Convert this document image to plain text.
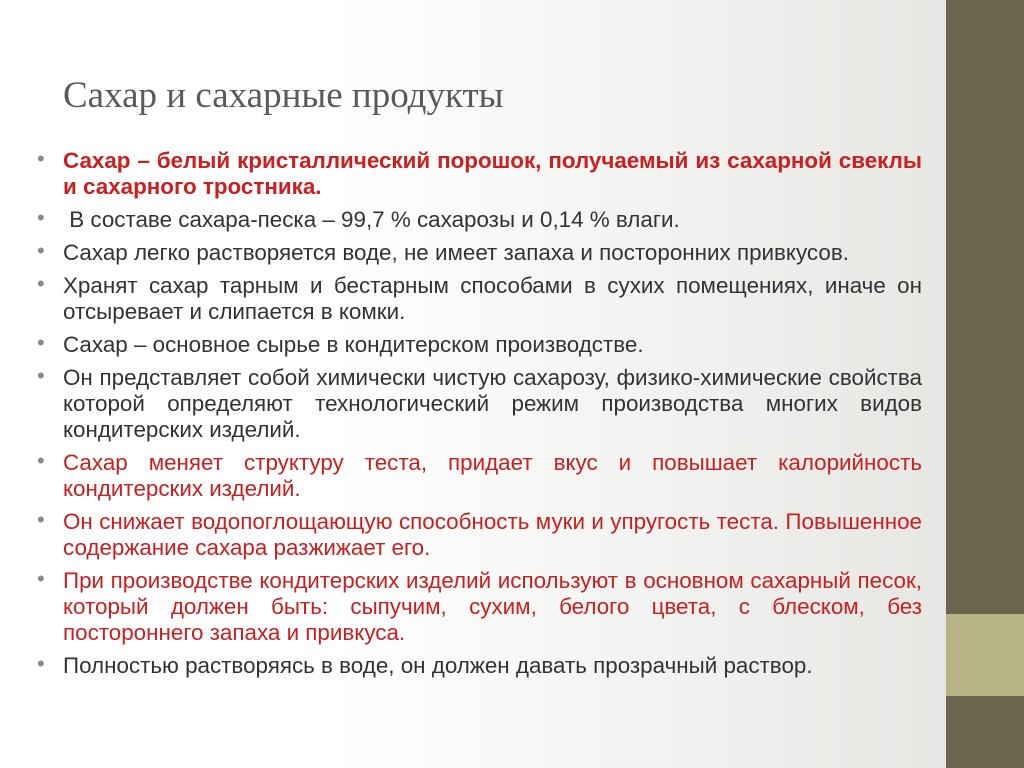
Сахар и сахарные продукты
• Сахар – белый кристаллический порошок, получаемый из сахарной свеклы и сахарного тростника.
• В составе сахара-песка – 99,7 % сахарозы и 0,14 % влаги.
• Сахар легко растворяется воде, не имеет запаха и посторонних привкусов.
• Хранят сахар тарным и бестарным способами в сухих помещениях, иначе он отсыревает и слипается в комки.
• Сахар – основное сырье в кондитерском производстве.
• Он представляет собой химически чистую сахарозу, физико-химические свойства которой определяют технологический режим производства многих видов кондитерских изделий.
• Сахар меняет структуру теста, придает вкус и повышает калорийность кондитерских изделий.
• Он снижает водопоглощающую способность муки и упругость теста. Повышенное содержание сахара разжижает его.
• При производстве кондитерских изделий используют в основном сахарный песок, который должен быть: сыпучим, сухим, белого цвета, с блеском, без постороннего запаха и привкуса.
• Полностью растворяясь в воде, он должен давать прозрачный раствор.
